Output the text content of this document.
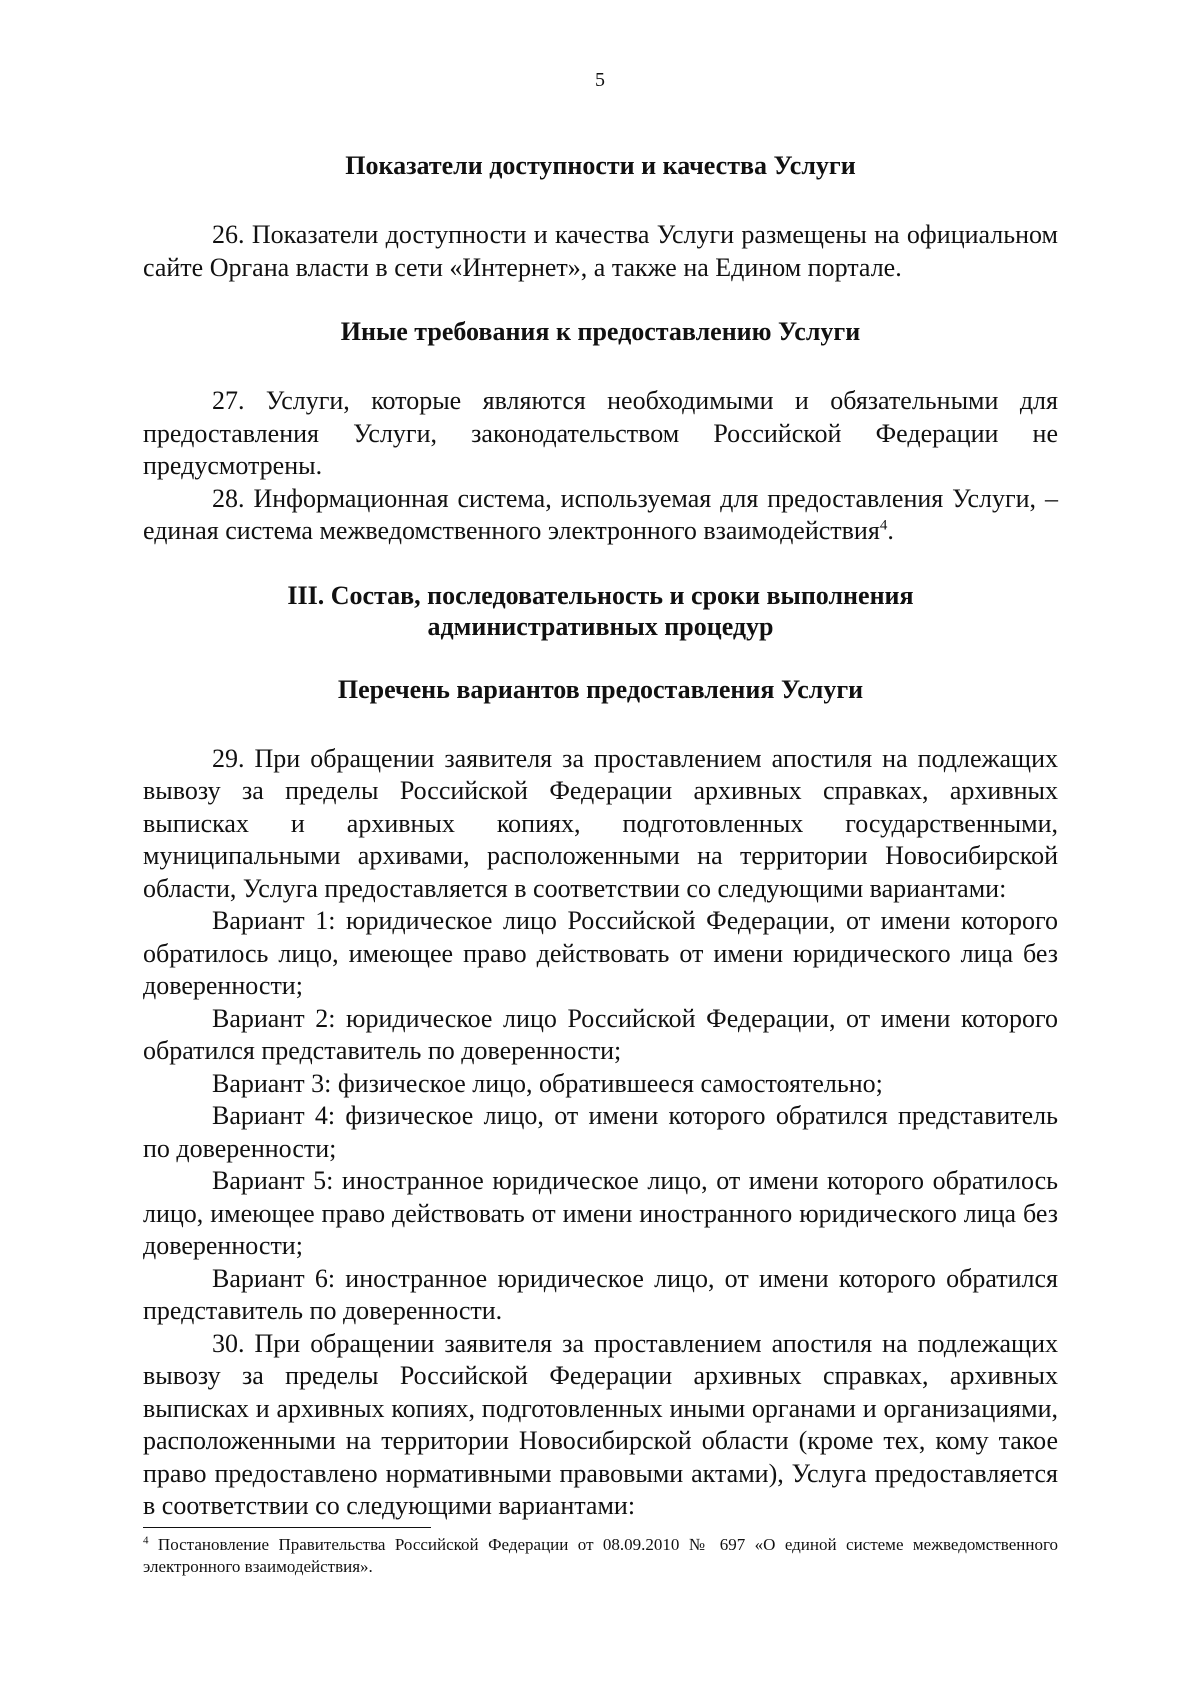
5
Показатели доступности и качества Услуги

26. Показатели доступности и качества Услуги размещены на официальном сайте Органа власти в сети «Интернет», а также на Едином портале.

Иные требования к предоставлению Услуги

27. Услуги, которые являются необходимыми и обязательными для предоставления Услуги, законодательством Российской Федерации не предусмотрены.

28. Информационная система, используемая для предоставления Услуги, – единая система межведомственного электронного взаимодействия$^4$.

III. Состав, последовательность и сроки выполнения
административных процедур
Перечень вариантов предоставления Услуги

29. При обращении заявителя за проставлением апостиля на подлежащих вывозу за пределы Российской Федерации архивных справках, архивных выписках и архивных копиях, подготовленных государственными, муниципальными архивами, расположенными на территории Новосибирской области, Услуга предоставляется в соответствии со следующими вариантами:

Вариант 1: юридическое лицо Российской Федерации, от имени которого обратилось лицо, имеющее право действовать от имени юридического лица без доверенности;

Вариант 2: юридическое лицо Российской Федерации, от имени которого обратился представитель по доверенности;

Вариант 3: физическое лицо, обратившееся самостоятельно;

Вариант 4: физическое лицо, от имени которого обратился представитель по доверенности;

Вариант 5: иностранное юридическое лицо, от имени которого обратилось лицо, имеющее право действовать от имени иностранного юридического лица без доверенности;

Вариант 6: иностранное юридическое лицо, от имени которого обратился представитель по доверенности.

30. При обращении заявителя за проставлением апостиля на подлежащих вывозу за пределы Российской Федерации архивных справках, архивных выписках и архивных копиях, подготовленных иными органами и организациями, расположенными на территории Новосибирской области (кроме тех, кому такое право предоставлено нормативными правовыми актами), Услуга предоставляется в соответствии со следующими вариантами:

$^4$ Постановление Правительства Российской Федерации от 08.09.2010 № 697 «О единой системе межведомственного электронного взаимодействия».
